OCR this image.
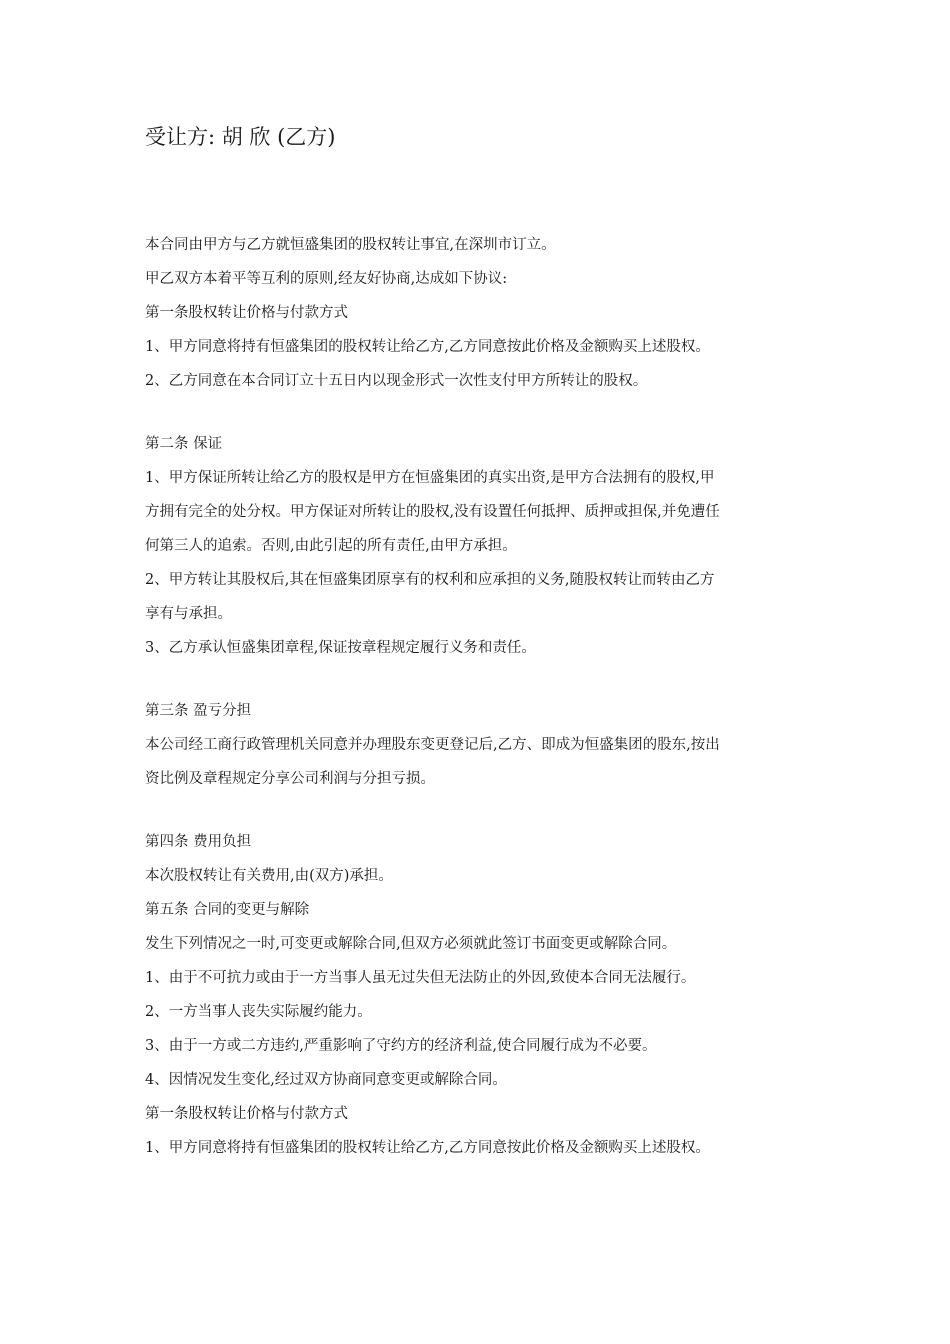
受让方: 胡 欣 (乙方)
本合同由甲方与乙方就恒盛集团的股权转让事宜,在深圳市订立。
甲乙双方本着平等互利的原则,经友好协商,达成如下协议:
第一条股权转让价格与付款方式
1、甲方同意将持有恒盛集团的股权转让给乙方,乙方同意按此价格及金额购买上述股权。
2、乙方同意在本合同订立十五日内以现金形式一次性支付甲方所转让的股权。
第二条 保证
1、甲方保证所转让给乙方的股权是甲方在恒盛集团的真实出资,是甲方合法拥有的股权,甲
方拥有完全的处分权。甲方保证对所转让的股权,没有设置任何抵押、质押或担保,并免遭任
何第三人的追索。否则,由此引起的所有责任,由甲方承担。
2、甲方转让其股权后,其在恒盛集团原享有的权利和应承担的义务,随股权转让而转由乙方
享有与承担。
3、乙方承认恒盛集团章程,保证按章程规定履行义务和责任。
第三条 盈亏分担
本公司经工商行政管理机关同意并办理股东变更登记后,乙方、即成为恒盛集团的股东,按出
资比例及章程规定分享公司利润与分担亏损。
第四条 费用负担
本次股权转让有关费用,由(双方)承担。
第五条 合同的变更与解除
发生下列情况之一时,可变更或解除合同,但双方必须就此签订书面变更或解除合同。
1、由于不可抗力或由于一方当事人虽无过失但无法防止的外因,致使本合同无法履行。
2、一方当事人丧失实际履约能力。
3、由于一方或二方违约,严重影响了守约方的经济利益,使合同履行成为不必要。
4、因情况发生变化,经过双方协商同意变更或解除合同。
第一条股权转让价格与付款方式
1、甲方同意将持有恒盛集团的股权转让给乙方,乙方同意按此价格及金额购买上述股权。
